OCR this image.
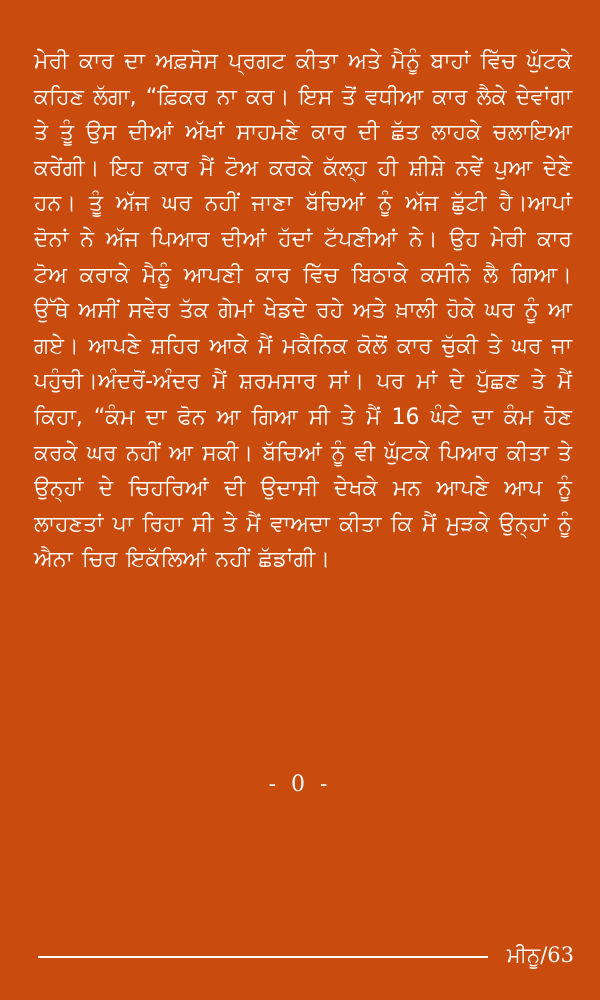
ਮੇਰੀ ਕਾਰ ਦਾ ਅਫ਼ਸੋਸ ਪ੍ਰਗਟ ਕੀਤਾ ਅਤੇ ਮੈਨੂੰ ਬਾਹਾਂ ਵਿੱਚ ਘੁੱਟਕੇ ਕਹਿਣ ਲੱਗਾ, “ਫ਼ਿਕਰ ਨਾ ਕਰ। ਇਸ ਤੋਂ ਵਧੀਆ ਕਾਰ ਲੈਕੇ ਦੇਵਾਂਗਾ ਤੇ ਤੂੰ ਉਸ ਦੀਆਂ ਅੱਖਾਂ ਸਾਹਮਣੇ ਕਾਰ ਦੀ ਛੱਤ ਲਾਹਕੇ ਚਲਾਇਆ ਕਰੇਂਗੀ। ਇਹ ਕਾਰ ਮੈਂ ਟੋਅ ਕਰਕੇ ਕੱਲ੍ਹ ਹੀ ਸ਼ੀਸ਼ੇ ਨਵੇਂ ਪੁਆ ਦੇਣੇ ਹਨ। ਤੂੰ ਅੱਜ ਘਰ ਨਹੀਂ ਜਾਣਾ ਬੱਚਿਆਂ ਨੂੰ ਅੱਜ ਛੁੱਟੀ ਹੈ।ਆਪਾਂ ਦੋਨਾਂ ਨੇ ਅੱਜ ਪਿਆਰ ਦੀਆਂ ਹੱਦਾਂ ਟੱਪਣੀਆਂ ਨੇ। ਉਹ ਮੇਰੀ ਕਾਰ ਟੋਅ ਕਰਾਕੇ ਮੈਨੂੰ ਆਪਣੀ ਕਾਰ ਵਿੱਚ ਬਿਠਾਕੇ ਕਸੀਨੋ ਲੈ ਗਿਆ। ਉੱਥੇ ਅਸੀਂ ਸਵੇਰ ਤੱਕ ਗੇਮਾਂ ਖੇਡਦੇ ਰਹੇ ਅਤੇ ਖ਼ਾਲੀ ਹੋਕੇ ਘਰ ਨੂੰ ਆ ਗਏ। ਆਪਣੇ ਸ਼ਹਿਰ ਆਕੇ ਮੈਂ ਮਕੈਨਿਕ ਕੋਲੋਂ ਕਾਰ ਚੁੱਕੀ ਤੇ ਘਰ ਜਾ ਪਹੁੰਚੀ।ਅੰਦਰੋਂ-ਅੰਦਰ ਮੈਂ ਸ਼ਰਮਸਾਰ ਸਾਂ। ਪਰ ਮਾਂ ਦੇ ਪੁੱਛਣ ਤੇ ਮੈਂ ਕਿਹਾ, “ਕੰਮ ਦਾ ਫੋਨ ਆ ਗਿਆ ਸੀ ਤੇ ਮੈਂ 16 ਘੰਟੇ ਦਾ ਕੰਮ ਹੋਣ ਕਰਕੇ ਘਰ ਨਹੀਂ ਆ ਸਕੀ। ਬੱਚਿਆਂ ਨੂੰ ਵੀ ਘੁੱਟਕੇ ਪਿਆਰ ਕੀਤਾ ਤੇ ਉਨ੍ਹਾਂ ਦੇ ਚਿਹਰਿਆਂ ਦੀ ਉਦਾਸੀ ਦੇਖਕੇ ਮਨ ਆਪਣੇ ਆਪ ਨੂੰ ਲਾਹਣਤਾਂ ਪਾ ਰਿਹਾ ਸੀ ਤੇ ਮੈਂ ਵਾਅਦਾ ਕੀਤਾ ਕਿ ਮੈਂ ਮੁੜਕੇ ਉਨ੍ਹਾਂ ਨੂੰ ਐਨਾ ਚਿਰ ਇਕੱਲਿਆਂ ਨਹੀਂ ਛੱਡਾਂਗੀ।
- 0 -
ਮੀਨੂ/63
